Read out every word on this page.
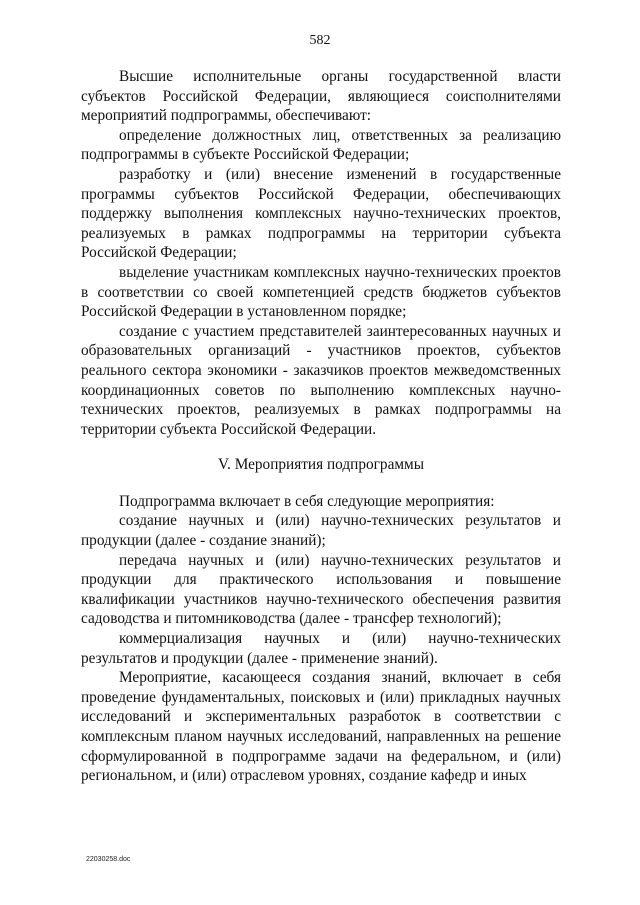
582

Высшие исполнительные органы государственной власти субъектов Российской Федерации, являющиеся соисполнителями мероприятий подпрограммы, обеспечивают:

определение должностных лиц, ответственных за реализацию подпрограммы в субъекте Российской Федерации;

разработку и (или) внесение изменений в государственные программы субъектов Российской Федерации, обеспечивающих поддержку выполнения комплексных научно-технических проектов, реализуемых в рамках подпрограммы на территории субъекта Российской Федерации;

выделение участникам комплексных научно-технических проектов в соответствии со своей компетенцией средств бюджетов субъектов Российской Федерации в установленном порядке;

создание с участием представителей заинтересованных научных и образовательных организаций - участников проектов, субъектов реального сектора экономики - заказчиков проектов межведомственных координационных советов по выполнению комплексных научно-технических проектов, реализуемых в рамках подпрограммы на территории субъекта Российской Федерации.

V. Мероприятия подпрограммы

Подпрограмма включает в себя следующие мероприятия:

создание научных и (или) научно-технических результатов и продукции (далее - создание знаний);

передача научных и (или) научно-технических результатов и продукции для практического использования и повышение квалификации участников научно-технического обеспечения развития садоводства и питомниководства (далее - трансфер технологий);

коммерциализация научных и (или) научно-технических результатов и продукции (далее - применение знаний).

Мероприятие, касающееся создания знаний, включает в себя проведение фундаментальных, поисковых и (или) прикладных научных исследований и экспериментальных разработок в соответствии с комплексным планом научных исследований, направленных на решение сформулированной в подпрограмме задачи на федеральном, и (или) региональном, и (или) отраслевом уровнях, создание кафедр и иных

22030258.doc
